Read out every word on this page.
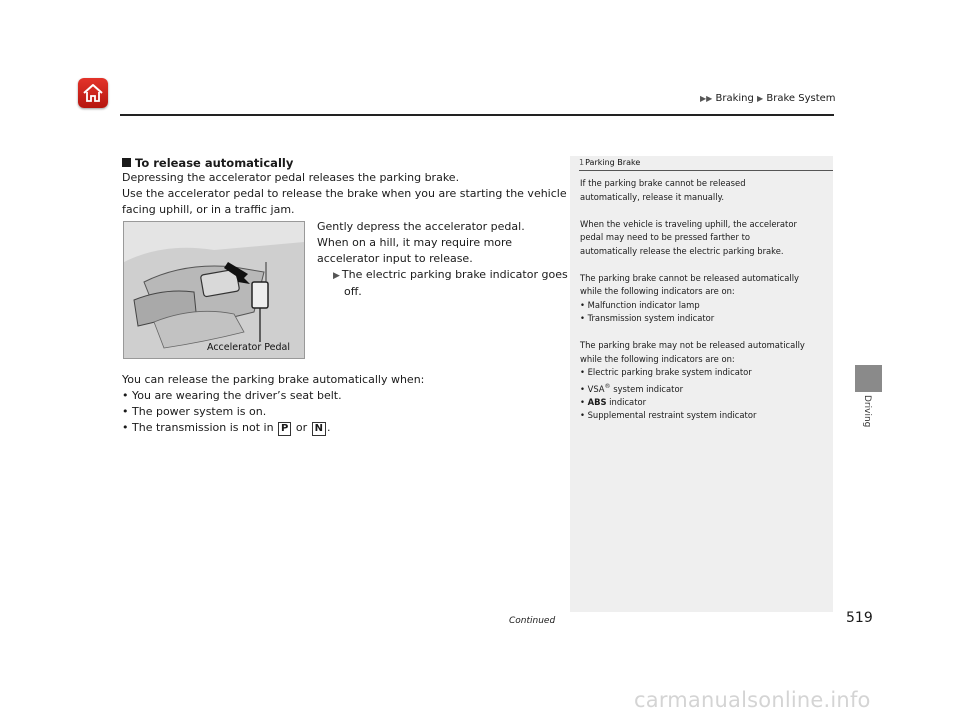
▶▶ Braking ▶ Brake System
Driving
To release automatically
Depressing the accelerator pedal releases the parking brake.
Use the accelerator pedal to release the brake when you are starting the vehicle
facing uphill, or in a traffic jam.
Accelerator Pedal
Gently depress the accelerator pedal.
When on a hill, it may require more
accelerator input to release.
▶ The electric parking brake indicator goes
off.
You can release the parking brake automatically when:
• You are wearing the driver’s seat belt.
• The power system is on.
• The transmission is not in P or N .
1Parking Brake
If the parking brake cannot be released
automatically, release it manually.
When the vehicle is traveling uphill, the accelerator
pedal may need to be pressed farther to
automatically release the electric parking brake.
The parking brake cannot be released automatically
while the following indicators are on:
• Malfunction indicator lamp
• Transmission system indicator
The parking brake may not be released automatically
while the following indicators are on:
• Electric parking brake system indicator
• VSA® system indicator
• ABS indicator
• Supplemental restraint system indicator
Continued	519
carmanualsonline.info
